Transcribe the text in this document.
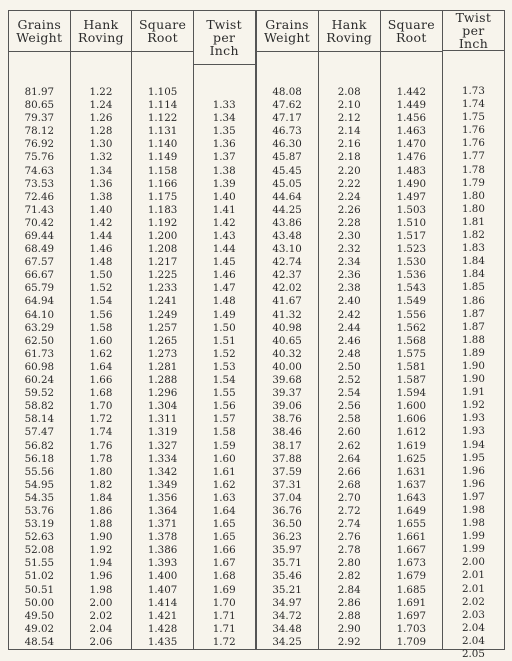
Grains
Weight
81.97
80.65
79.37
78.12
76.92
75.76
74.63
73.53
72.46
71.43
70.42
69.44
68.49
67.57
66.67
65.79
64.94
64.10
63.29
62.50
61.73
60.98
60.24
59.52
58.82
58.14
57.47
56.82
56.18
55.56
54.95
54.35
53.76
53.19
52.63
52.08
51.55
51.02
50.51
50.00
49.50
49.02
48.54
Hank
Roving
1.22
1.24
1.26
1.28
1.30
1.32
1.34
1.36
1.38
1.40
1.42
1.44
1.46
1.48
1.50
1.52
1.54
1.56
1.58
1.60
1.62
1.64
1.66
1.68
1.70
1.72
1.74
1.76
1.78
1.80
1.82
1.84
1.86
1.88
1.90
1.92
1.94
1.96
1.98
2.00
2.02
2.04
2.06
Square
Root
1.105
1.114
1.122
1.131
1.140
1.149
1.158
1.166
1.175
1.183
1.192
1.200
1.208
1.217
1.225
1.233
1.241
1.249
1.257
1.265
1.273
1.281
1.288
1.296
1.304
1.311
1.319
1.327
1.334
1.342
1.349
1.356
1.364
1.371
1.378
1.386
1.393
1.400
1.407
1.414
1.421
1.428
1.435
Twist
per
Inch
1.33
1.34
1.35
1.36
1.37
1.38
1.39
1.40
1.41
1.42
1.43
1.44
1.45
1.46
1.47
1.48
1.49
1.50
1.51
1.52
1.53
1.54
1.55
1.56
1.57
1.58
1.59
1.60
1.61
1.62
1.63
1.64
1.65
1.65
1.66
1.67
1.68
1.69
1.70
1.71
1.71
1.72
Grains
Weight
48.08
47.62
47.17
46.73
46.30
45.87
45.45
45.05
44.64
44.25
43.86
43.48
43.10
42.74
42.37
42.02
41.67
41.32
40.98
40.65
40.32
40.00
39.68
39.37
39.06
38.76
38.46
38.17
37.88
37.59
37.31
37.04
36.76
36.50
36.23
35.97
35.71
35.46
35.21
34.97
34.72
34.48
34.25
Hank
Roving
2.08
2.10
2.12
2.14
2.16
2.18
2.20
2.22
2.24
2.26
2.28
2.30
2.32
2.34
2.36
2.38
2.40
2.42
2.44
2.46
2.48
2.50
2.52
2.54
2.56
2.58
2.60
2.62
2.64
2.66
2.68
2.70
2.72
2.74
2.76
2.78
2.80
2.82
2.84
2.86
2.88
2.90
2.92
Square
Root
1.442
1.449
1.456
1.463
1.470
1.476
1.483
1.490
1.497
1.503
1.510
1.517
1.523
1.530
1.536
1.543
1.549
1.556
1.562
1.568
1.575
1.581
1.587
1.594
1.600
1.606
1.612
1.619
1.625
1.631
1.637
1.643
1.649
1.655
1.661
1.667
1.673
1.679
1.685
1.691
1.697
1.703
1.709
Twist
per
Inch
1.73
1.74
1.75
1.76
1.76
1.77
1.78
1.79
1.80
1.80
1.81
1.82
1.83
1.84
1.84
1.85
1.86
1.87
1.87
1.88
1.89
1.90
1.90
1.91
1.92
1.93
1.93
1.94
1.95
1.96
1.96
1.97
1.98
1.98
1.99
1.99
2.00
2.01
2.01
2.02
2.03
2.04
2.04
2.05
